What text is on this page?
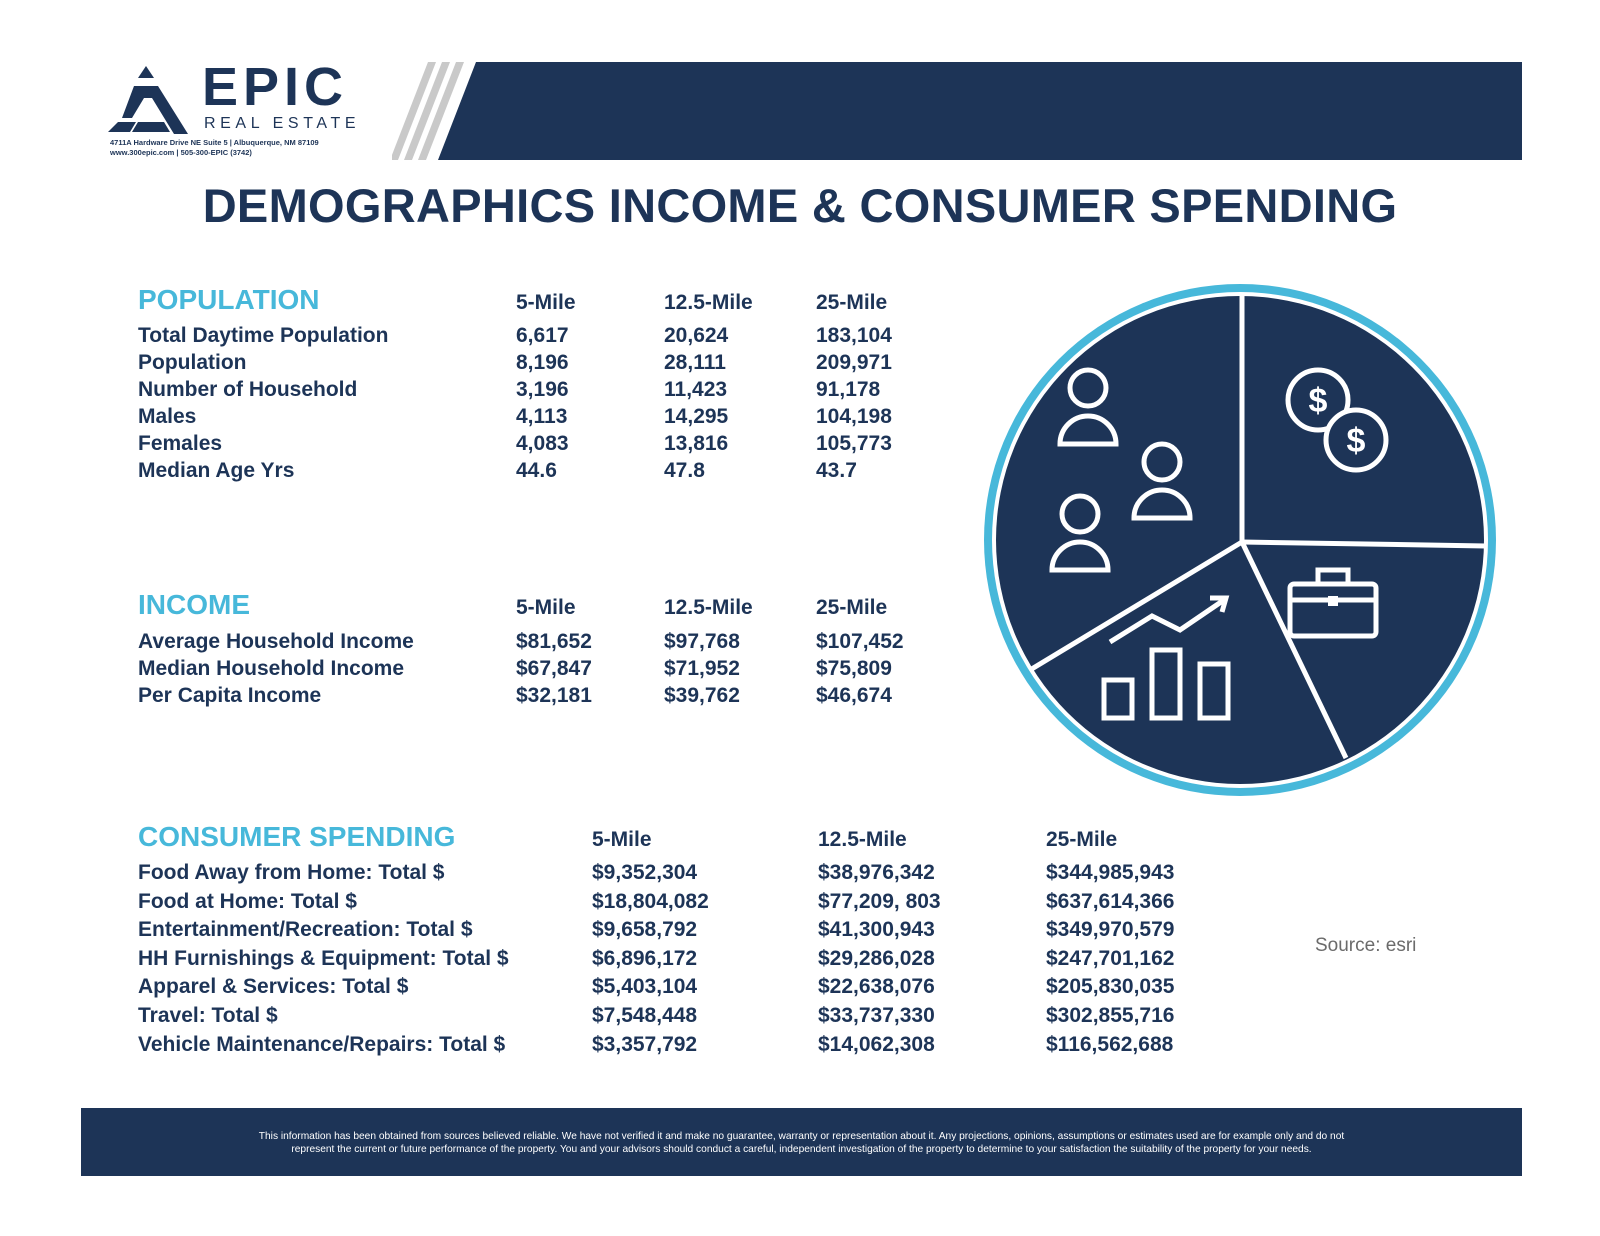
EPIC
REAL ESTATE
4711A Hardware Drive NE Suite 5 | Albuquerque, NM 87109
www.300epic.com | 505-300-EPIC (3742)
DEMOGRAPHICS INCOME & CONSUMER SPENDING
POPULATION	5-Mile	12.5-Mile	25-Mile
Total Daytime Population	6,617	20,624	183,104
Population	8,196	28,111	209,971
Number of Household	3,196	11,423	91,178
Males	4,113	14,295	104,198
Females	4,083	13,816	105,773
Median Age Yrs	44.6	47.8	43.7
INCOME	5-Mile	12.5-Mile	25-Mile
Average Household Income	$81,652	$97,768	$107,452
Median Household Income	$67,847	$71,952	$75,809
Per Capita Income	$32,181	$39,762	$46,674
CONSUMER SPENDING	5-Mile	12.5-Mile	25-Mile
Food Away from Home: Total $	$9,352,304	$38,976,342	$344,985,943
Food at Home: Total $	$18,804,082	$77,209, 803	$637,614,366
Entertainment/Recreation: Total $	$9,658,792	$41,300,943	$349,970,579
HH Furnishings & Equipment: Total $	$6,896,172	$29,286,028	$247,701,162
Apparel & Services: Total $	$5,403,104	$22,638,076	$205,830,035
Travel: Total $	$7,548,448	$33,737,330	$302,855,716
Vehicle Maintenance/Repairs: Total $	$3,357,792	$14,062,308	$116,562,688
Source: esri
$
$
This information has been obtained from sources believed reliable. We have not verified it and make no guarantee, warranty or representation about it. Any projections, opinions, assumptions or estimates used are for example only and do not
represent the current or future performance of the property. You and your advisors should conduct a careful, independent investigation of the property to determine to your satisfaction the suitability of the property for your needs.
